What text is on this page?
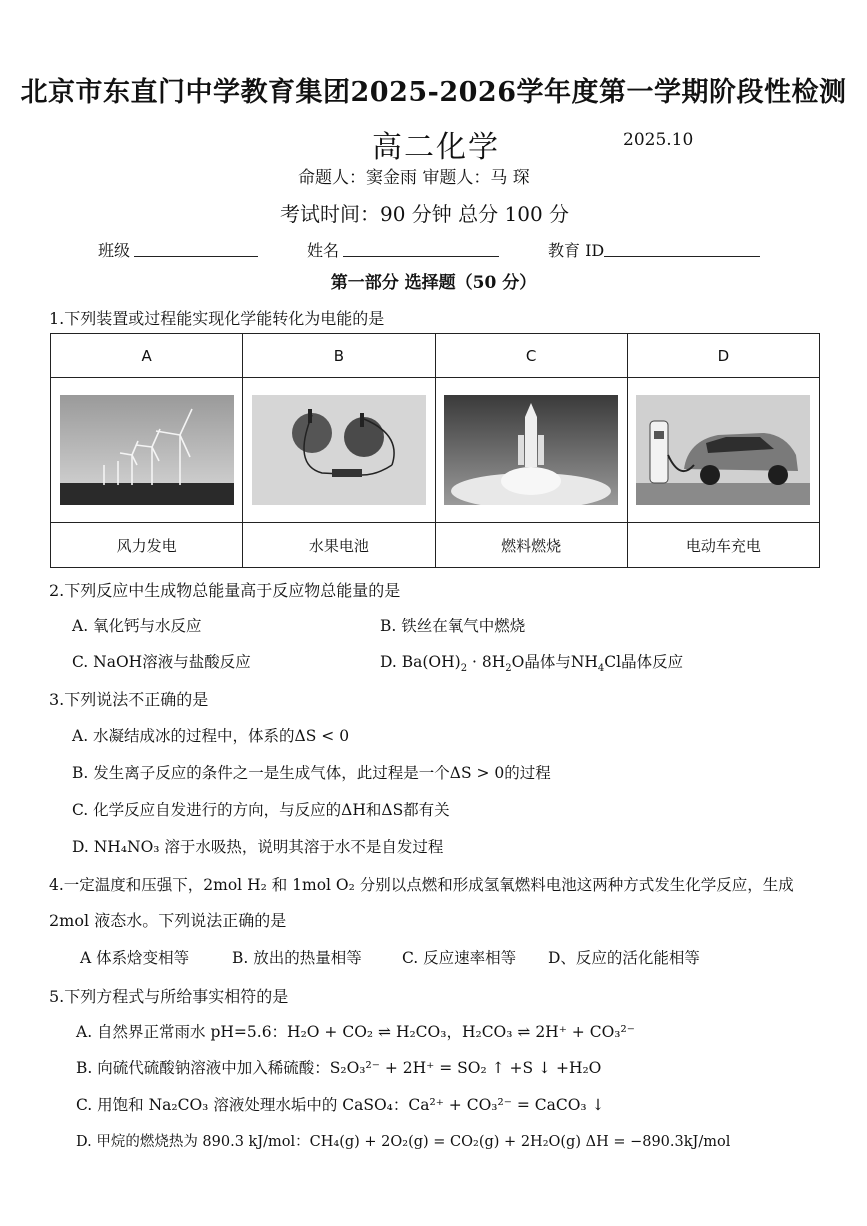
北京市东直门中学教育集团2025-2026学年度第一学期阶段性检测
高二化学	2025.10
命题人：窦金雨 审题人：马 琛
考试时间：90 分钟 总分 100 分
班级	姓名	教育 ID
第一部分 选择题（50 分）
1.下列装置或过程能实现化学能转化为电能的是
A	B	C	D

风力发电	水果电池	燃料燃烧	电动车充电
2.下列反应中生成物总能量高于反应物总能量的是
A. 氧化钙与水反应	B. 铁丝在氧气中燃烧
C. NaOH溶液与盐酸反应	D. $Ba(OH)_2 \cdot 8H_2O$晶体与$NH_4Cl$晶体反应
3.下列说法不正确的是
A. 水凝结成冰的过程中，体系的ΔS < 0
B. 发生离子反应的条件之一是生成气体，此过程是一个ΔS > 0的过程
C. 化学反应自发进行的方向，与反应的ΔH和ΔS都有关
D. NH₄NO₃ 溶于水吸热，说明其溶于水不是自发过程
4.一定温度和压强下，2mol H₂ 和 1mol O₂ 分别以点燃和形成氢氧燃料电池这两种方式发生化学反应，生成
2mol 液态水。下列说法正确的是
A 体系焓变相等	B. 放出的热量相等	C. 反应速率相等 D、反应的活化能相等
5.下列方程式与所给事实相符的是
A. 自然界正常雨水 pH=5.6：H₂O + CO₂ ⇌ H₂CO₃，H₂CO₃ ⇌ 2H⁺ + CO₃²⁻
B. 向硫代硫酸钠溶液中加入稀硫酸：S₂O₃²⁻ + 2H⁺ = SO₂ ↑ +S ↓ +H₂O
C. 用饱和 Na₂CO₃ 溶液处理水垢中的 CaSO₄：Ca²⁺ + CO₃²⁻ = CaCO₃ ↓
D. 甲烷的燃烧热为 890.3 kJ/mol：CH₄(g) + 2O₂(g) = CO₂(g) + 2H₂O(g) ΔH = −890.3kJ/mol
